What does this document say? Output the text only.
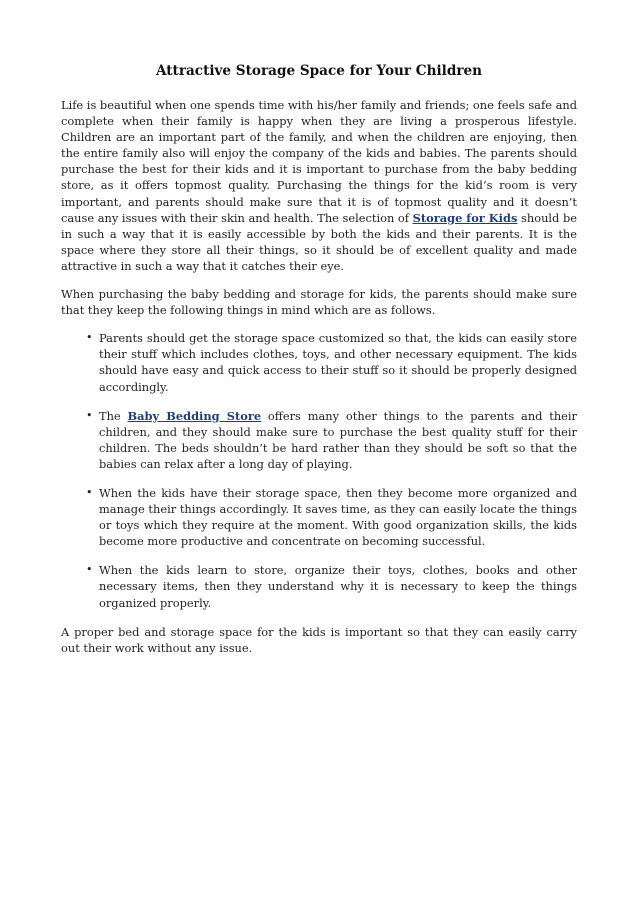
Attractive Storage Space for Your Children

Life is beautiful when one spends time with his/her family and friends; one feels safe and complete when their family is happy when they are living a prosperous lifestyle. Children are an important part of the family, and when the children are enjoying, then the entire family also will enjoy the company of the kids and babies. The parents should purchase the best for their kids and it is important to purchase from the baby bedding store, as it offers topmost quality. Purchasing the things for the kid’s room is very important, and parents should make sure that it is of topmost quality and it doesn’t cause any issues with their skin and health. The selection of Storage for Kids should be in such a way that it is easily accessible by both the kids and their parents. It is the space where they store all their things, so it should be of excellent quality and made attractive in such a way that it catches their eye.

When purchasing the baby bedding and storage for kids, the parents should make sure that they keep the following things in mind which are as follows.

• Parents should get the storage space customized so that, the kids can easily store their stuff which includes clothes, toys, and other necessary equipment. The kids should have easy and quick access to their stuff so it should be properly designed accordingly.
• The Baby Bedding Store offers many other things to the parents and their children, and they should make sure to purchase the best quality stuff for their children. The beds shouldn’t be hard rather than they should be soft so that the babies can relax after a long day of playing.
• When the kids have their storage space, then they become more organized and manage their things accordingly. It saves time, as they can easily locate the things or toys which they require at the moment. With good organization skills, the kids become more productive and concentrate on becoming successful.
• When the kids learn to store, organize their toys, clothes, books and other necessary items, then they understand why it is necessary to keep the things organized properly.

A proper bed and storage space for the kids is important so that they can easily carry out their work without any issue.
